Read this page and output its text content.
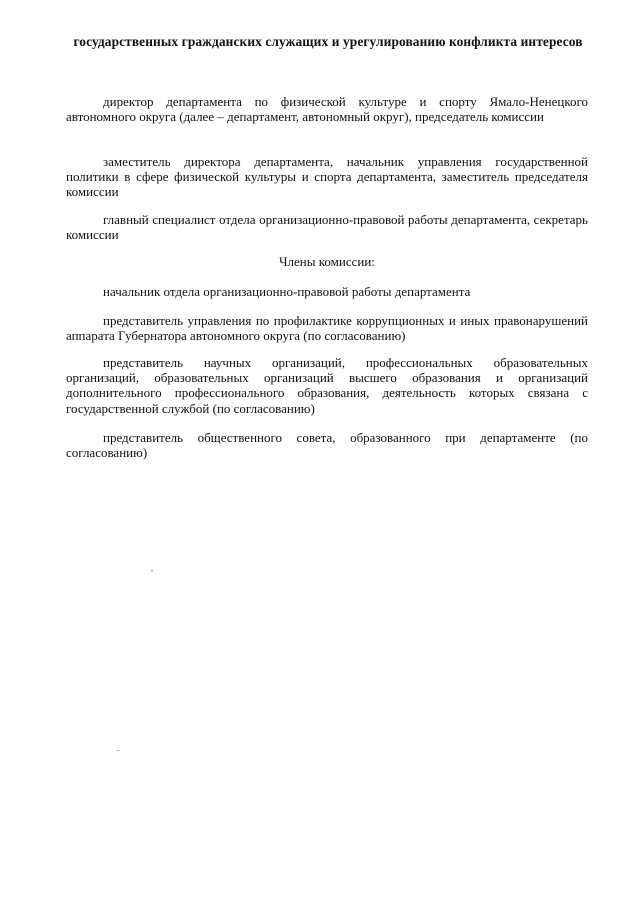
государственных гражданских служащих и урегулированию конфликта интересов

директор департамента по физической культуре и спорту Ямало-Ненецкого автономного округа (далее – департамент, автономный округ), председатель комиссии

заместитель директора департамента, начальник управления государственной политики в сфере физической культуры и спорта департамента, заместитель председателя комиссии

главный специалист отдела организационно-правовой работы департамента, секретарь комиссии

Члены комиссии:

начальник отдела организационно-правовой работы департамента

представитель управления по профилактике коррупционных и иных правонарушений аппарата Губернатора автономного округа (по согласованию)

представитель научных организаций, профессиональных образовательных организаций, образовательных организаций высшего образования и организаций дополнительного профессионального образования, деятельность которых связана с государственной службой (по согласованию)

представитель общественного совета, образованного при департаменте (по согласованию)
